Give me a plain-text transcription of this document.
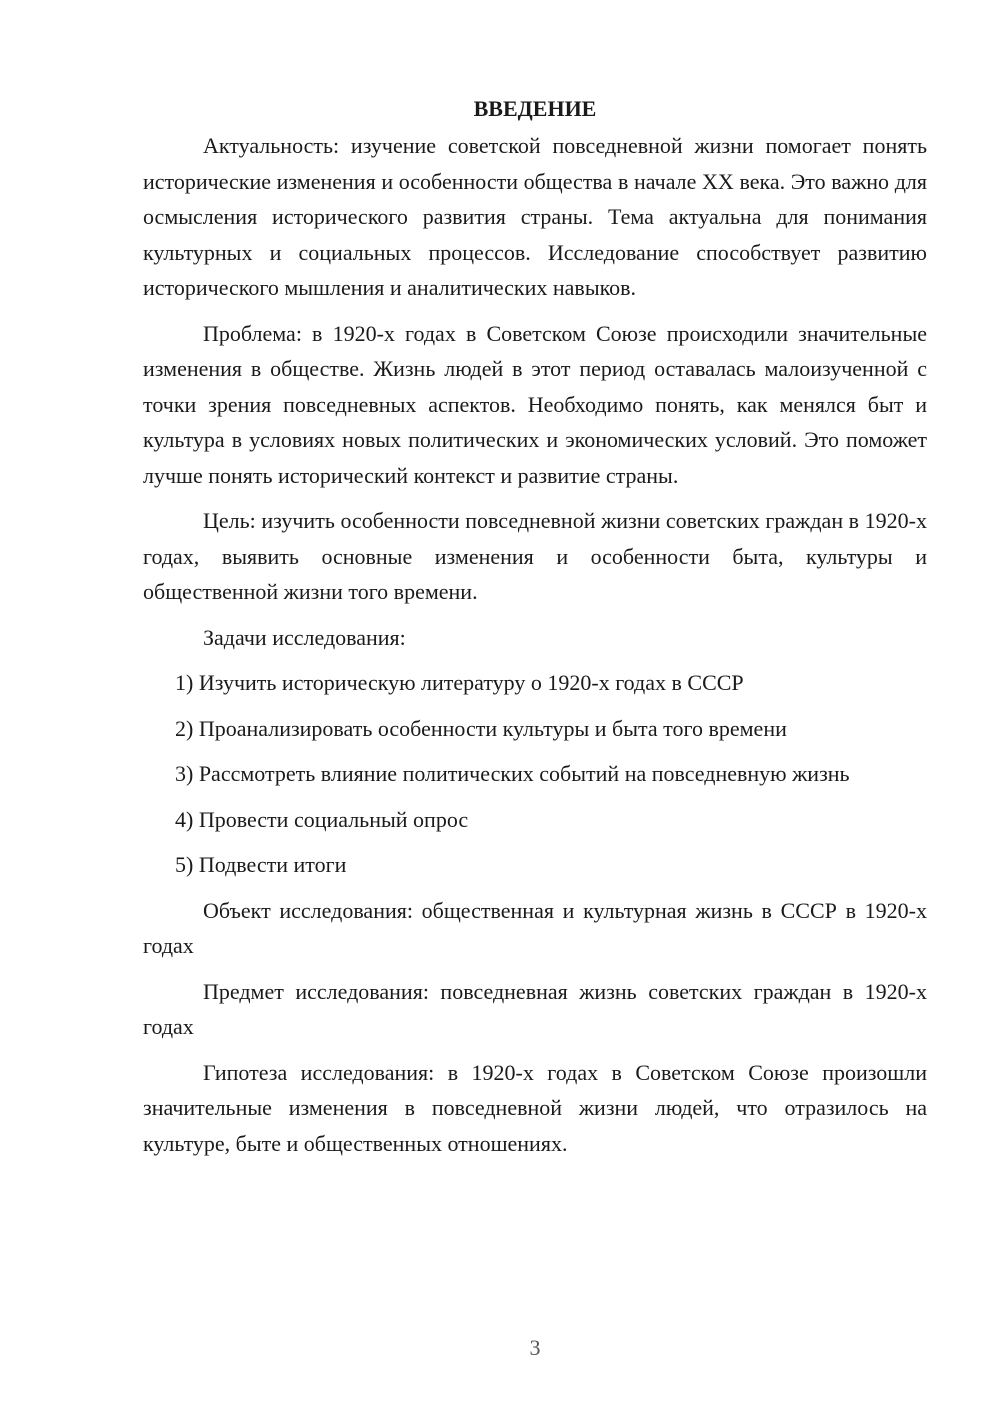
ВВЕДЕНИЕ

Актуальность: изучение советской повседневной жизни помогает понять исторические изменения и особенности общества в начале XX века. Это важно для осмысления исторического развития страны. Тема актуальна для понимания культурных и социальных процессов. Исследование способствует развитию исторического мышления и аналитических навыков.

Проблема: в 1920-х годах в Советском Союзе происходили значительные изменения в обществе. Жизнь людей в этот период оставалась малоизученной с точки зрения повседневных аспектов. Необходимо понять, как менялся быт и культура в условиях новых политических и экономических условий. Это поможет лучше понять исторический контекст и развитие страны.

Цель: изучить особенности повседневной жизни советских граждан в 1920-х годах, выявить основные изменения и особенности быта, культуры и общественной жизни того времени.

Задачи исследования:

1) Изучить историческую литературу о 1920-х годах в СССР

2) Проанализировать особенности культуры и быта того времени

3) Рассмотреть влияние политических событий на повседневную жизнь

4) Провести социальный опрос

5) Подвести итоги

Объект исследования: общественная и культурная жизнь в СССР в 1920-х годах

Предмет исследования: повседневная жизнь советских граждан в 1920-х годах

Гипотеза исследования: в 1920-х годах в Советском Союзе произошли значительные изменения в повседневной жизни людей, что отразилось на культуре, быте и общественных отношениях.

3
